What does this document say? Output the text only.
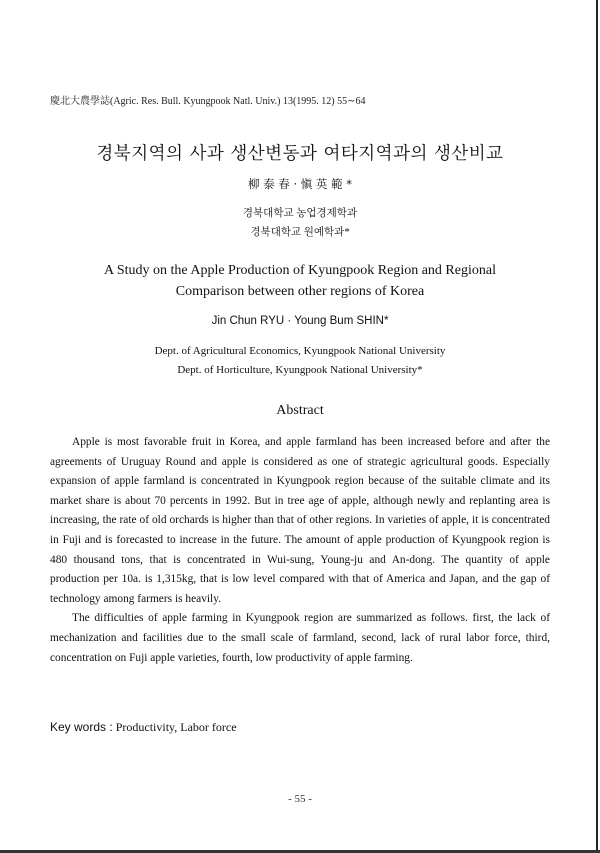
慶北大農學誌(Agric. Res. Bull. Kyungpook Natl. Univ.) 13(1995. 12) 55∼64
경북지역의 사과 생산변동과 여타지역과의 생산비교
柳 泰 春 · 愼 英 範 *
경북대학교 농업경제학과
경북대학교 원예학과*
A Study on the Apple Production of Kyungpook Region and Regional
Comparison between other regions of Korea
Jin Chun RYU · Young Bum SHIN*
Dept. of Agricultural Economics, Kyungpook National University
Dept. of Horticulture, Kyungpook National University*
Abstract

Apple is most favorable fruit in Korea, and apple farmland has been increased before and after the agreements of Uruguay Round and apple is considered as one of strategic agricultural goods. Especially expansion of apple farmland is concentrated in Kyungpook region because of the suitable climate and its market share is about 70 percents in 1992. But in tree age of apple, although newly and replanting area is increasing, the rate of old orchards is higher than that of other regions. In varieties of apple, it is concentrated in Fuji and is forecasted to increase in the future. The amount of apple production of Kyungpook region is 480 thousand tons, that is concentrated in Wui-sung, Young-ju and An-dong. The quantity of apple production per 10a. is 1,315kg, that is low level compared with that of America and Japan, and the gap of technology among farmers is heavily.

The difficulties of apple farming in Kyungpook region are summarized as follows. first, the lack of mechanization and facilities due to the small scale of farmland, second, lack of rural labor force, third, concentration on Fuji apple varieties, fourth, low productivity of apple farming.

Key words : Productivity, Labor force
- 55 -
